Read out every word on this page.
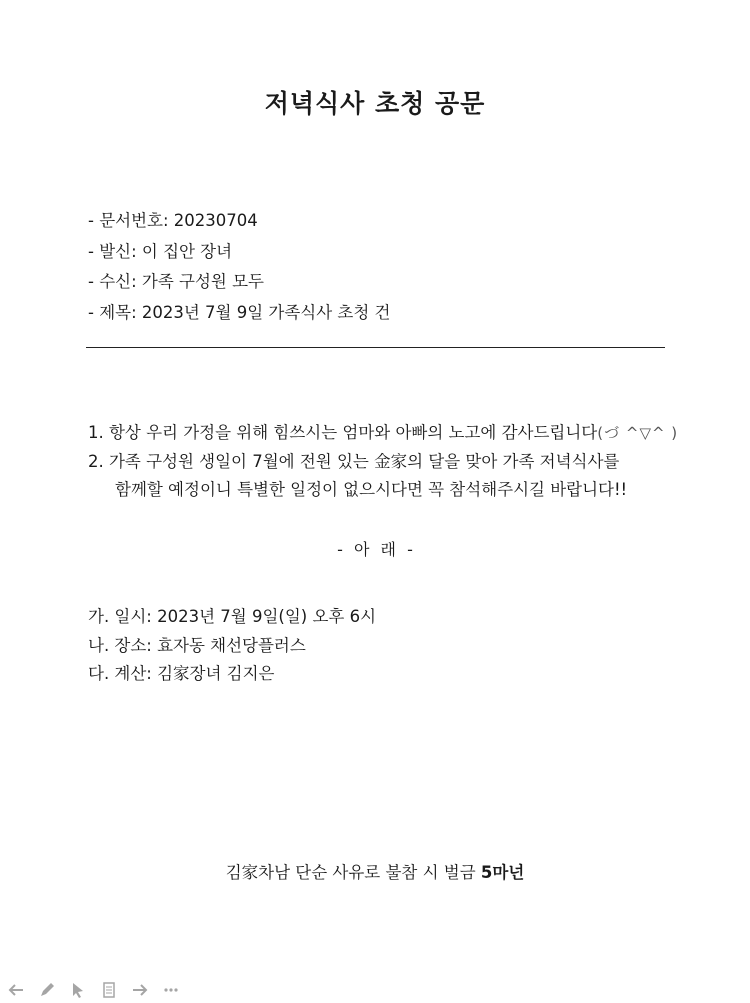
저녁식사 초청 공문
- 문서번호: 20230704
- 발신: 이 집안 장녀
- 수신: 가족 구성원 모두
- 제목: 2023년 7월 9일 가족식사 초청 건
1. 항상 우리 가정을 위해 힘쓰시는 엄마와 아빠의 노고에 감사드립니다(づ ^▽^ )
2. 가족 구성원 생일이 7월에 전원 있는 金家의 달을 맞아 가족 저녁식사를
함께할 예정이니 특별한 일정이 없으시다면 꼭 참석해주시길 바랍니다!!
- 아 래 -
가. 일시: 2023년 7월 9일(일) 오후 6시
나. 장소: 효자동 채선당플러스
다. 계산: 김家장녀 김지은
김家차남 단순 사유로 불참 시 벌금 5마넌
